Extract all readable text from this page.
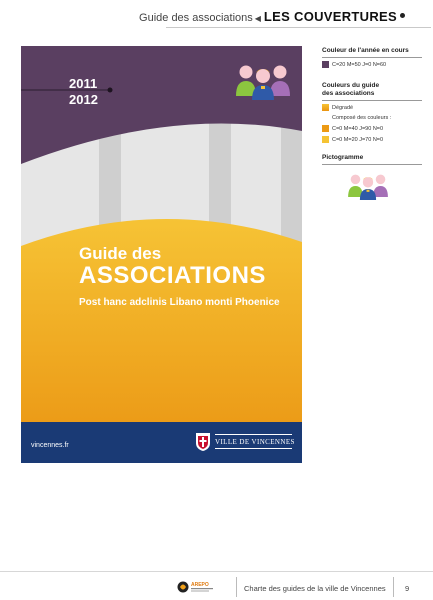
Guide des associations ◀ LES COUVERTURES
2011
2012
Guide des
ASSOCIATIONS
Post hanc adclinis Libano monti Phoenice
vincennes.fr	VILLE DE VINCENNES
Couleur de l'année en cours
C=20 M=50 J=0 N=60
Couleurs du guide
des associations
Dégradé
Composé des couleurs :
C=0 M=40 J=90 N=0
C=0 M=20 J=70 N=0
Pictogramme
AREPO	Charte des guides de la ville de Vincennes	9
